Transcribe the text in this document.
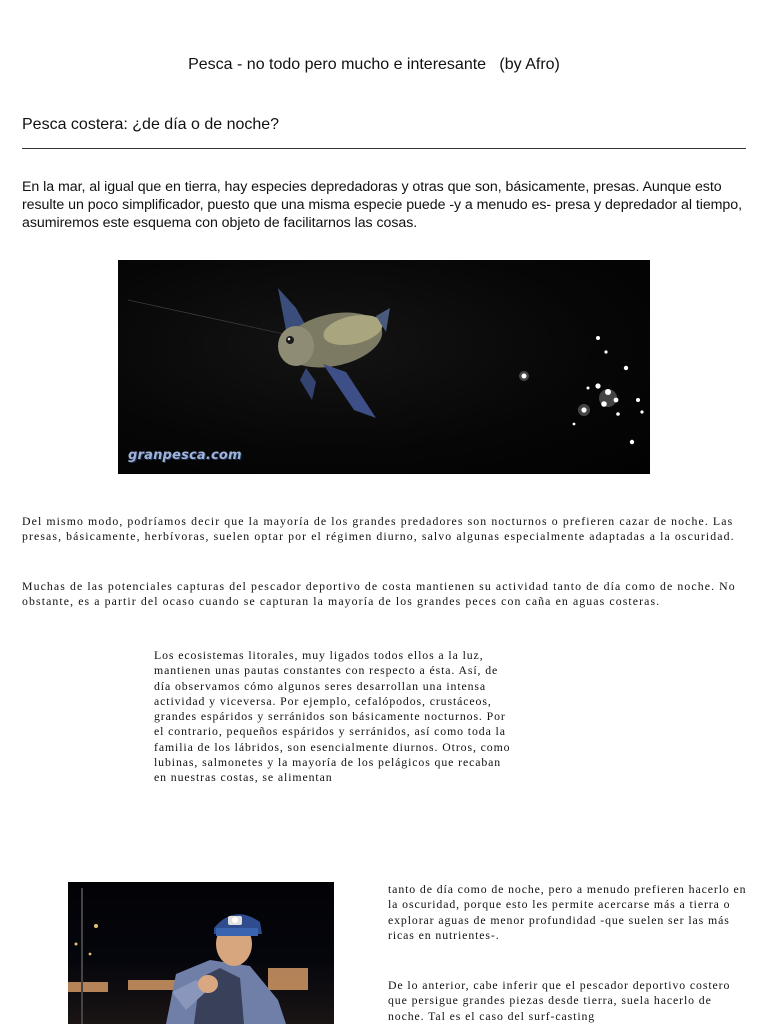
Pesca - no todo pero mucho e interesante   (by Afro)
Pesca costera: ¿de día o de noche?
En la mar, al igual que en tierra, hay especies depredadoras y otras que son, básicamente, presas. Aunque esto resulte un poco simplificador, puesto que una misma especie puede -y a menudo es- presa y depredador al tiempo, asumiremos este esquema con objeto de facilitarnos las cosas.
granpesca.com
Del mismo modo, podríamos decir que la mayoría de los grandes predadores son nocturnos o prefieren cazar de noche. Las presas, básicamente, herbívoras, suelen optar por el régimen diurno, salvo algunas especialmente adaptadas a la oscuridad.
Muchas de las potenciales capturas del pescador deportivo de costa mantienen su actividad tanto de día como de noche. No obstante, es a partir del ocaso cuando se capturan la mayoría de los grandes peces con caña en aguas costeras.
Los ecosistemas litorales, muy ligados todos ellos a la luz, mantienen unas pautas constantes con respecto a ésta. Así, de día observamos cómo algunos seres desarrollan una intensa actividad y viceversa. Por ejemplo, cefalópodos, crustáceos, grandes espáridos y serránidos son básicamente nocturnos. Por el contrario, pequeños espáridos y serránidos, así como toda la familia de los lábridos, son esencialmente diurnos. Otros, como lubinas, salmonetes y la mayoría de los pelágicos que recaban en nuestras costas, se alimentan
tanto de día como de noche, pero a menudo prefieren hacerlo en la oscuridad, porque esto les permite acercarse más a tierra o explorar aguas de menor profundidad -que suelen ser las más ricas en nutrientes-.
De lo anterior, cabe inferir que el pescador deportivo costero que persigue grandes piezas desde tierra, suela hacerlo de noche. Tal es el caso del surf-casting
